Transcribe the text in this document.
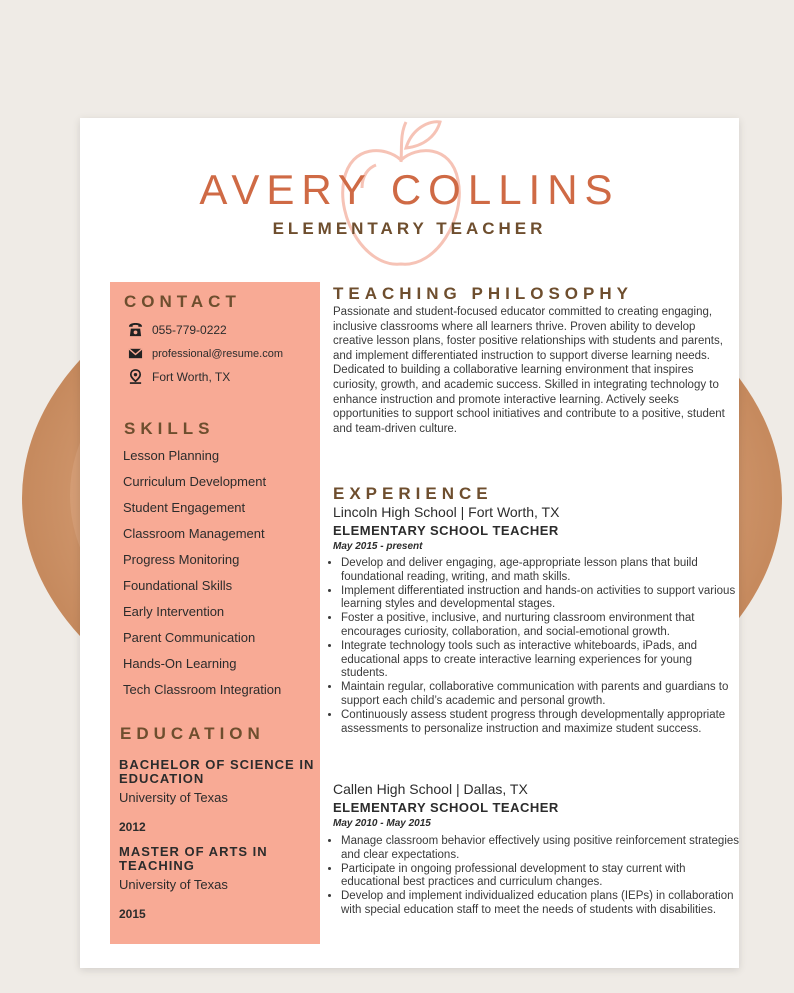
AVERY COLLINS
ELEMENTARY TEACHER
CONTACT
055-779-0222
professional@resume.com
Fort Worth, TX
SKILLS
Lesson Planning
Curriculum Development
Student Engagement
Classroom Management
Progress Monitoring
Foundational Skills
Early Intervention
Parent Communication
Hands-On Learning
Tech Classroom Integration
EDUCATION
BACHELOR OF SCIENCE IN EDUCATION
University of Texas
2012
MASTER OF ARTS IN TEACHING
University of Texas
2015
TEACHING PHILOSOPHY
Passionate and student-focused educator committed to creating engaging, inclusive classrooms where all learners thrive. Proven ability to develop creative lesson plans, foster positive relationships with students and parents, and implement differentiated instruction to support diverse learning needs. Dedicated to building a collaborative learning environment that inspires curiosity, growth, and academic success. Skilled in integrating technology to enhance instruction and promote interactive learning. Actively seeks opportunities to support school initiatives and contribute to a positive, student and team-driven culture.
EXPERIENCE
Lincoln High School | Fort Worth, TX
ELEMENTARY SCHOOL TEACHER
May 2015 - present
• Develop and deliver engaging, age-appropriate lesson plans that build foundational reading, writing, and math skills.
• Implement differentiated instruction and hands-on activities to support various learning styles and developmental stages.
• Foster a positive, inclusive, and nurturing classroom environment that encourages curiosity, collaboration, and social-emotional growth.
• Integrate technology tools such as interactive whiteboards, iPads, and educational apps to create interactive learning experiences for young students.
• Maintain regular, collaborative communication with parents and guardians to support each child’s academic and personal growth.
• Continuously assess student progress through developmentally appropriate assessments to personalize instruction and maximize student success.
Callen High School | Dallas, TX
ELEMENTARY SCHOOL TEACHER
May 2010 - May 2015
• Manage classroom behavior effectively using positive reinforcement strategies and clear expectations.
• Participate in ongoing professional development to stay current with educational best practices and curriculum changes.
• Develop and implement individualized education plans (IEPs) in collaboration with special education staff to meet the needs of students with disabilities.
